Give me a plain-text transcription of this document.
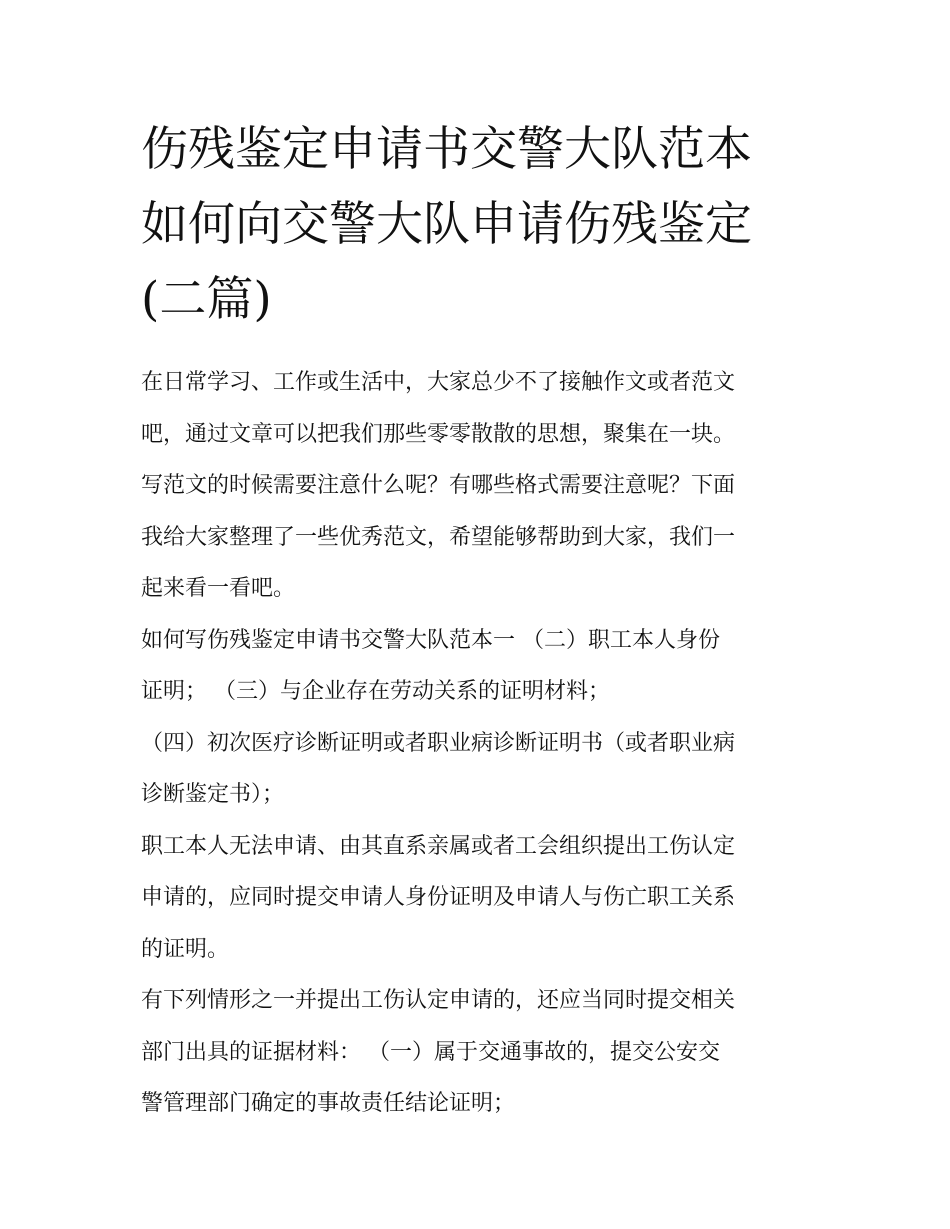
伤残鉴定申请书交警大队范本
如何向交警大队申请伤残鉴定
(二篇)
在日常学习、工作或生活中，大家总少不了接触作文或者范文
吧，通过文章可以把我们那些零零散散的思想，聚集在一块。
写范文的时候需要注意什么呢？有哪些格式需要注意呢？下面
我给大家整理了一些优秀范文，希望能够帮助到大家，我们一
起来看一看吧。
如何写伤残鉴定申请书交警大队范本一 （二）职工本人身份
证明； （三）与企业存在劳动关系的证明材料；
（四）初次医疗诊断证明或者职业病诊断证明书（或者职业病
诊断鉴定书）；
职工本人无法申请、由其直系亲属或者工会组织提出工伤认定
申请的，应同时提交申请人身份证明及申请人与伤亡职工关系
的证明。
有下列情形之一并提出工伤认定申请的，还应当同时提交相关
部门出具的证据材料： （一）属于交通事故的，提交公安交
警管理部门确定的事故责任结论证明；
